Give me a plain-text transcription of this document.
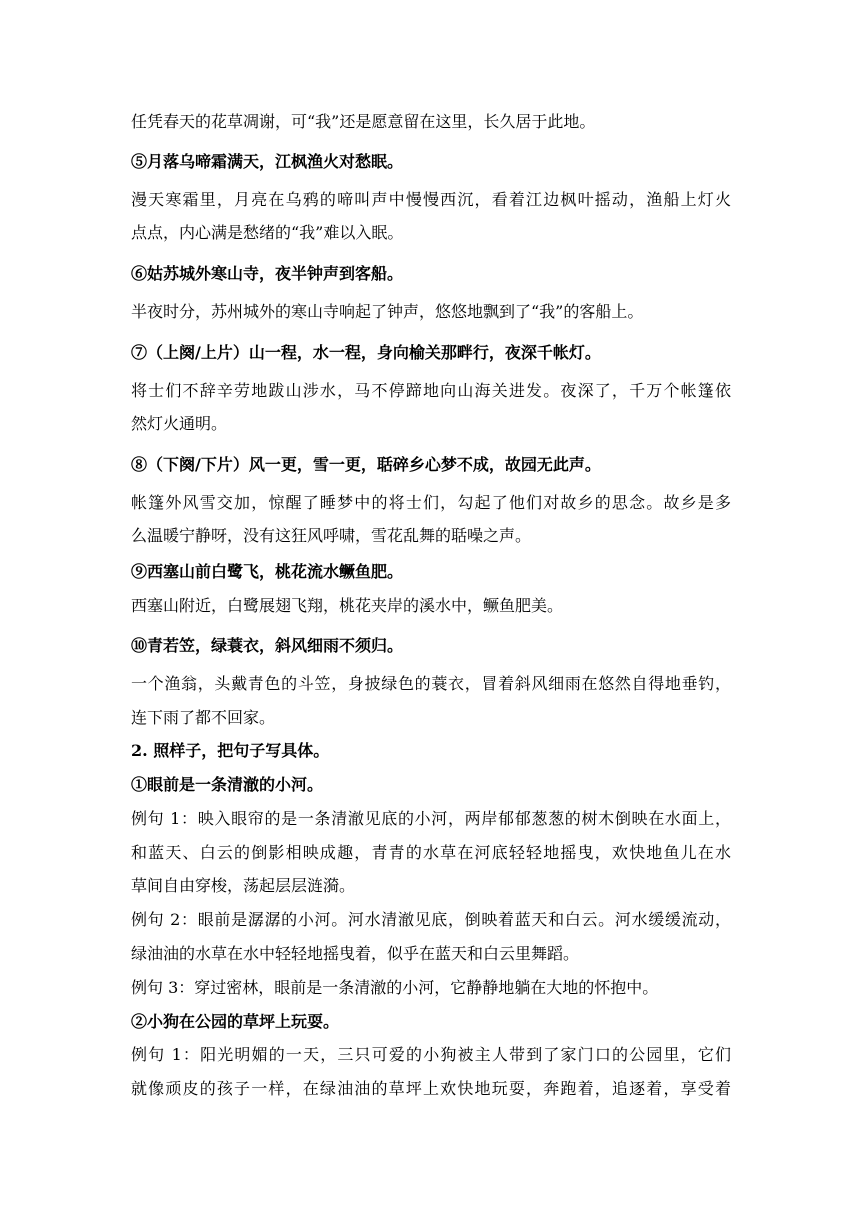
任凭春天的花草凋谢，可“我”还是愿意留在这里，长久居于此地。
⑤月落乌啼霜满天，江枫渔火对愁眠。
漫天寒霜里，月亮在乌鸦的啼叫声中慢慢西沉，看着江边枫叶摇动，渔船上灯火
点点，内心满是愁绪的“我”难以入眠。
⑥姑苏城外寒山寺，夜半钟声到客船。
半夜时分，苏州城外的寒山寺响起了钟声，悠悠地飘到了“我”的客船上。
⑦（上阕/上片）山一程，水一程，身向榆关那畔行，夜深千帐灯。
将士们不辞辛劳地跋山涉水，马不停蹄地向山海关进发。夜深了，千万个帐篷依
然灯火通明。
⑧（下阕/下片）风一更，雪一更，聒碎乡心梦不成，故园无此声。
帐篷外风雪交加，惊醒了睡梦中的将士们，勾起了他们对故乡的思念。故乡是多
么温暖宁静呀，没有这狂风呼啸，雪花乱舞的聒噪之声。
⑨西塞山前白鹭飞，桃花流水鳜鱼肥。
西塞山附近，白鹭展翅飞翔，桃花夹岸的溪水中，鳜鱼肥美。
⑩青若笠，绿蓑衣，斜风细雨不须归。
一个渔翁，头戴青色的斗笠，身披绿色的蓑衣，冒着斜风细雨在悠然自得地垂钓，
连下雨了都不回家。
2. 照样子，把句子写具体。
①眼前是一条清澈的小河。
例句 1：映入眼帘的是一条清澈见底的小河，两岸郁郁葱葱的树木倒映在水面上，
和蓝天、白云的倒影相映成趣，青青的水草在河底轻轻地摇曳，欢快地鱼儿在水
草间自由穿梭，荡起层层涟漪。
例句 2：眼前是潺潺的小河。河水清澈见底，倒映着蓝天和白云。河水缓缓流动，
绿油油的水草在水中轻轻地摇曳着，似乎在蓝天和白云里舞蹈。
例句 3：穿过密林，眼前是一条清澈的小河，它静静地躺在大地的怀抱中。
②小狗在公园的草坪上玩耍。
例句 1：阳光明媚的一天，三只可爱的小狗被主人带到了家门口的公园里，它们
就像顽皮的孩子一样，在绿油油的草坪上欢快地玩耍，奔跑着，追逐着，享受着
